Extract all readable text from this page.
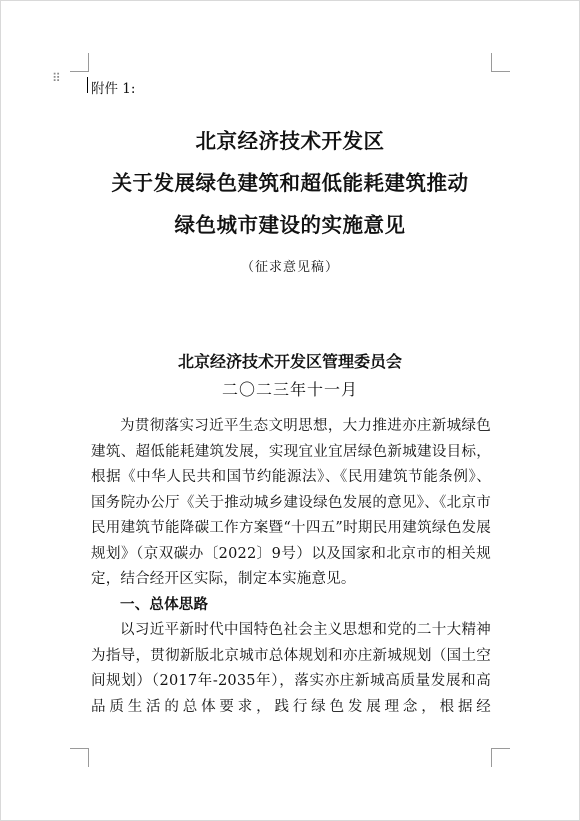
⠿
附件 1:
北京经济技术开发区
关于发展绿色建筑和超低能耗建筑推动
绿色城市建设的实施意见
（征求意见稿）
北京经济技术开发区管理委员会
二〇二三年十一月

为贯彻落实习近平生态文明思想，大力推进亦庄新城绿色建筑、超低能耗建筑发展，实现宜业宜居绿色新城建设目标，根据《中华人民共和国节约能源法》、《民用建筑节能条例》、国务院办公厅《关于推动城乡建设绿色发展的意见》、《北京市民用建筑节能降碳工作方案暨“十四五”时期民用建筑绿色发展规划》（京双碳办〔2022〕9号）以及国家和北京市的相关规定，结合经开区实际，制定本实施意见。

一、总体思路

以习近平新时代中国特色社会主义思想和党的二十大精神为指导，贯彻新版北京城市总体规划和亦庄新城规划（国土空间规划）（2017年-2035年），落实亦庄新城高质量发展和高品质生活的总体要求，践行绿色发展理念，根据经
